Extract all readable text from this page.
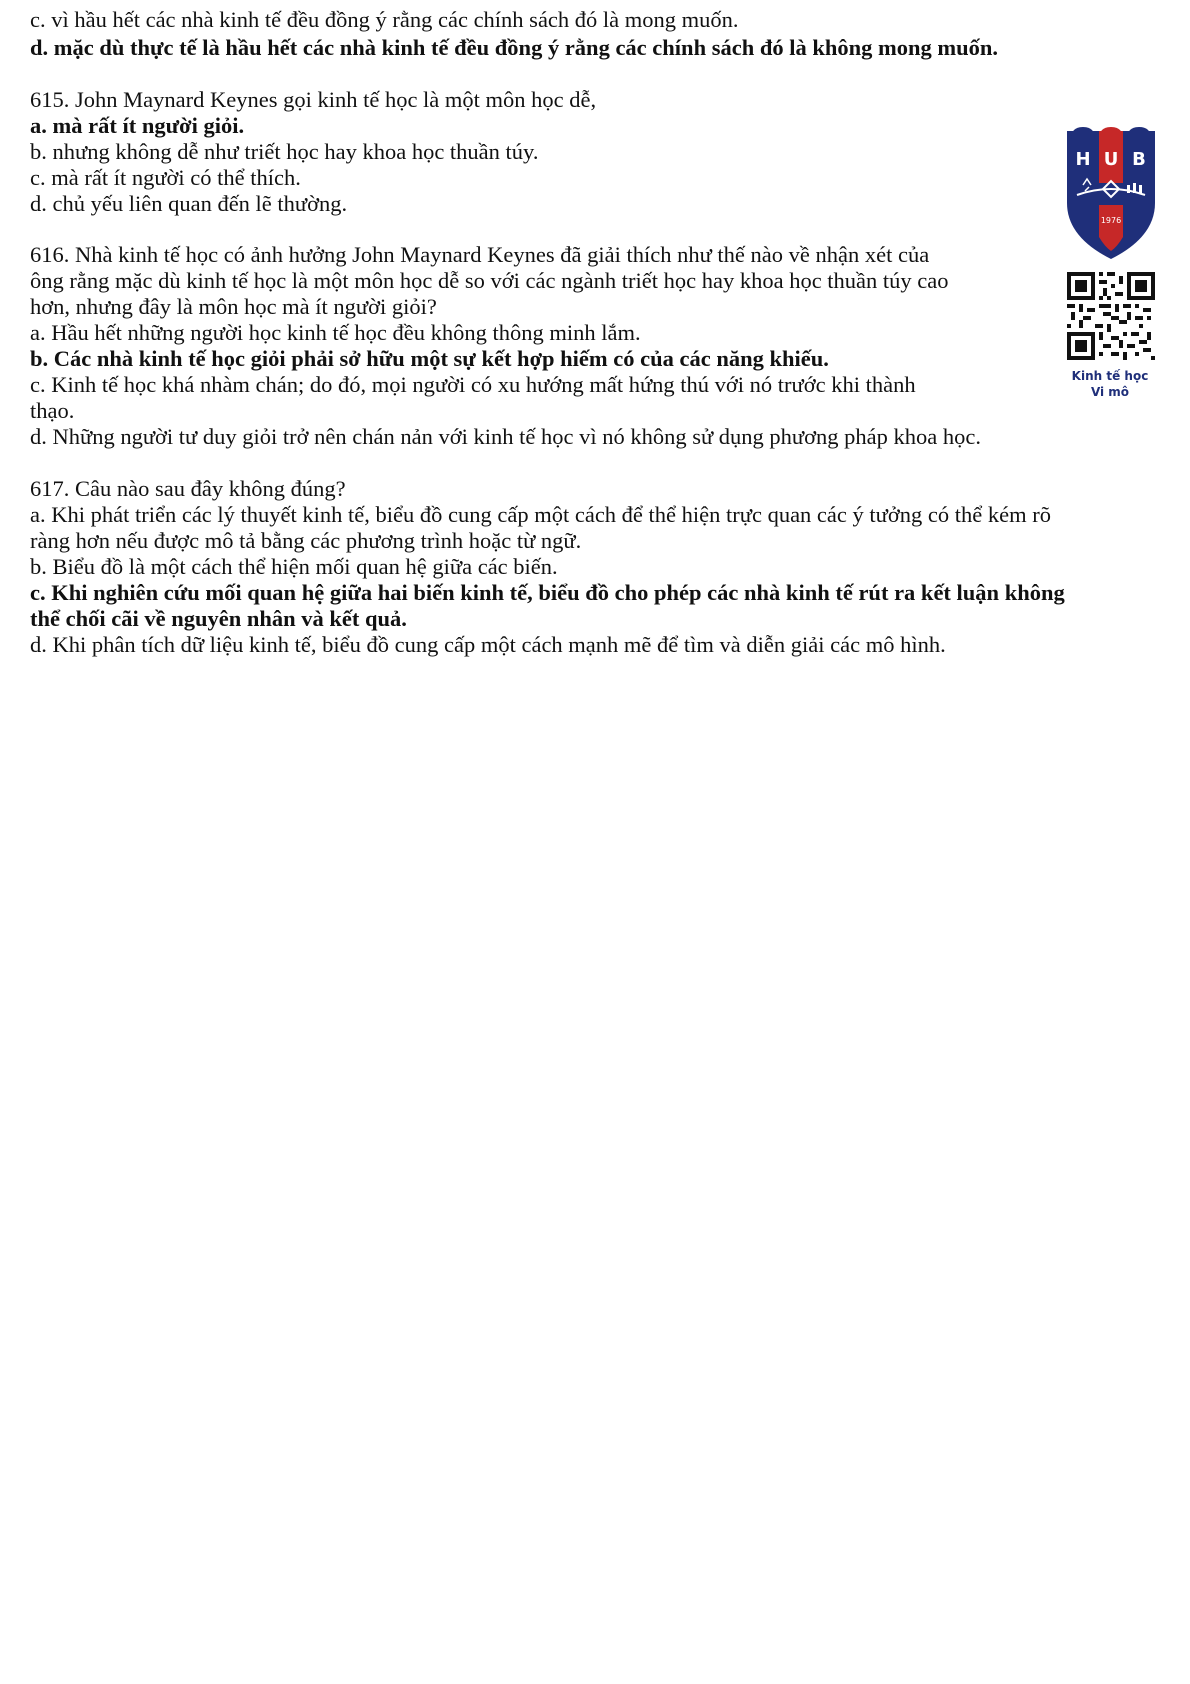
c. vì hầu hết các nhà kinh tế đều đồng ý rằng các chính sách đó là mong muốn.
d. mặc dù thực tế là hầu hết các nhà kinh tế đều đồng ý rằng các chính sách đó là không mong muốn.
615. John Maynard Keynes gọi kinh tế học là một môn học dễ,
a. mà rất ít người giỏi.
b. nhưng không dễ như triết học hay khoa học thuần túy.
c. mà rất ít người có thể thích.
d. chủ yếu liên quan đến lẽ thường.
616. Nhà kinh tế học có ảnh hưởng John Maynard Keynes đã giải thích như thế nào về nhận xét của
ông rằng mặc dù kinh tế học là một môn học dễ so với các ngành triết học hay khoa học thuần túy cao
hơn, nhưng đây là môn học mà ít người giỏi?
a. Hầu hết những người học kinh tế học đều không thông minh lắm.
b. Các nhà kinh tế học giỏi phải sở hữu một sự kết hợp hiếm có của các năng khiếu.
c. Kinh tế học khá nhàm chán; do đó, mọi người có xu hướng mất hứng thú với nó trước khi thành
thạo.
d. Những người tư duy giỏi trở nên chán nản với kinh tế học vì nó không sử dụng phương pháp khoa học.
617. Câu nào sau đây không đúng?
a. Khi phát triển các lý thuyết kinh tế, biểu đồ cung cấp một cách để thể hiện trực quan các ý tưởng có thể kém rõ
ràng hơn nếu được mô tả bằng các phương trình hoặc từ ngữ.
b. Biểu đồ là một cách thể hiện mối quan hệ giữa các biến.
c. Khi nghiên cứu mối quan hệ giữa hai biến kinh tế, biểu đồ cho phép các nhà kinh tế rút ra kết luận không
thể chối cãi về nguyên nhân và kết quả.
d. Khi phân tích dữ liệu kinh tế, biểu đồ cung cấp một cách mạnh mẽ để tìm và diễn giải các mô hình.
H U B
1976
Kinh tế học
Vi mô
